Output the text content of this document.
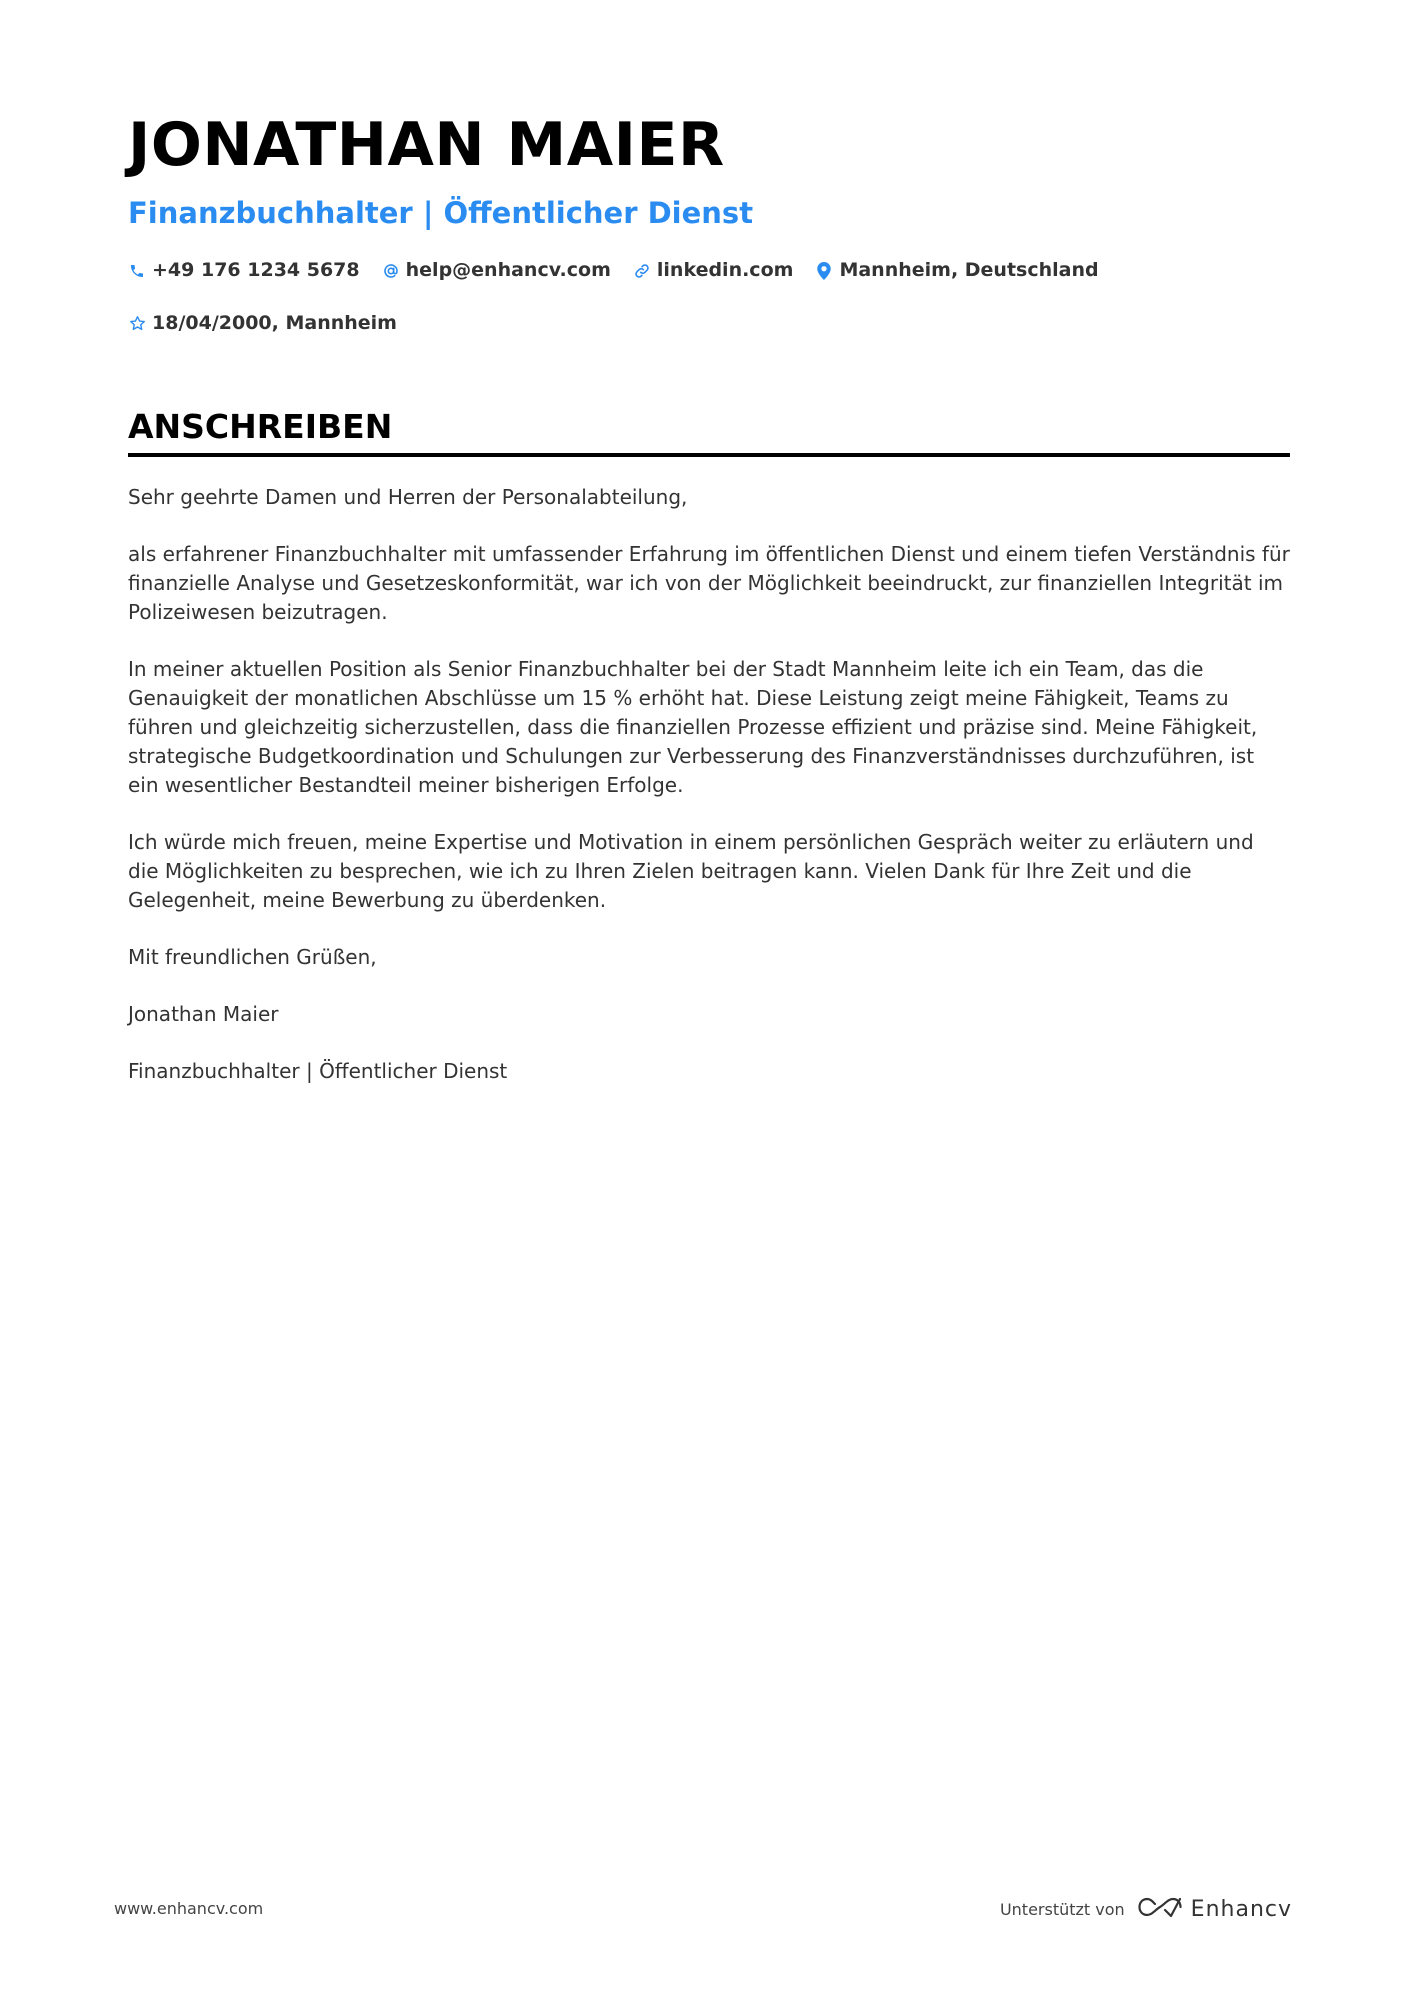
JONATHAN MAIER
Finanzbuchhalter | Öffentlicher Dienst
+49 176 1234 5678 help@enhancv.com linkedin.com Mannheim, Deutschland
18/04/2000, Mannheim
ANSCHREIBEN

Sehr geehrte Damen und Herren der Personalabteilung,

als erfahrener Finanzbuchhalter mit umfassender Erfahrung im öffentlichen Dienst und einem tiefen Verständnis für finanzielle Analyse und Gesetzeskonformität, war ich von der Möglichkeit beeindruckt, zur finanziellen Integrität im Polizeiwesen beizutragen.

In meiner aktuellen Position als Senior Finanzbuchhalter bei der Stadt Mannheim leite ich ein Team, das die Genauigkeit der monatlichen Abschlüsse um 15 % erhöht hat. Diese Leistung zeigt meine Fähigkeit, Teams zu führen und gleichzeitig sicherzustellen, dass die finanziellen Prozesse effizient und präzise sind. Meine Fähigkeit, strategische Budgetkoordination und Schulungen zur Verbesserung des Finanzverständnisses durchzuführen, ist ein wesentlicher Bestandteil meiner bisherigen Erfolge.

Ich würde mich freuen, meine Expertise und Motivation in einem persönlichen Gespräch weiter zu erläutern und die Möglichkeiten zu besprechen, wie ich zu Ihren Zielen beitragen kann. Vielen Dank für Ihre Zeit und die Gelegenheit, meine Bewerbung zu überdenken.

Mit freundlichen Grüßen,

Jonathan Maier

Finanzbuchhalter | Öffentlicher Dienst

www.enhancv.com	Unterstützt von	Enhancv
